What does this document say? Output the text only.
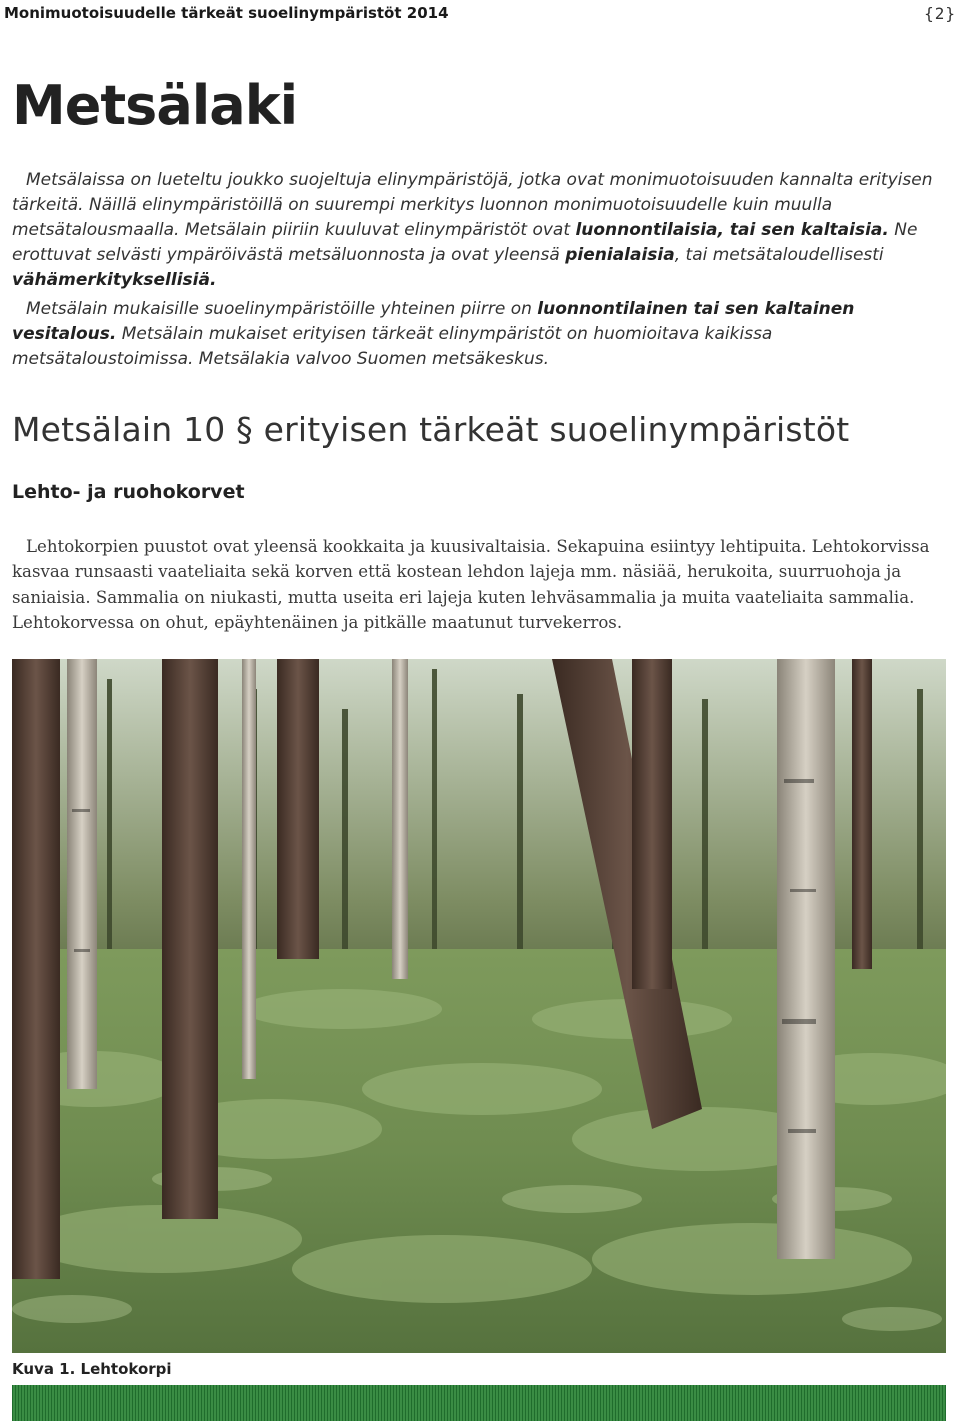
Monimuotoisuudelle tärkeät suoelinympäristöt 2014	{2}
Metsälaki

Metsälaissa on lueteltu joukko suojeltuja elinympäristöjä, jotka ovat monimuotoisuuden kannalta erityisen tärkeitä. Näillä elinympäristöillä on suurempi merkitys luonnon monimuotoisuudelle kuin muulla metsätalousmaalla. Metsälain piiriin kuuluvat elinympäristöt ovat luonnontilaisia, tai sen kaltaisia. Ne erottuvat selvästi ympäröivästä metsäluonnosta ja ovat yleensä pienialaisia, tai metsätaloudellisesti vähämerkityksellisiä.

Metsälain mukaisille suoelinympäristöille yhteinen piirre on luonnontilainen tai sen kaltainen vesitalous. Metsälain mukaiset erityisen tärkeät elinympäristöt on huomioitava kaikissa metsätaloustoimissa. Metsälakia valvoo Suomen metsäkeskus.

Metsälain 10 § erityisen tärkeät suoelinympäristöt
Lehto- ja ruohokorvet

Lehtokorpien puustot ovat yleensä kookkaita ja kuusivaltaisia. Sekapuina esiintyy lehtipuita. Lehtokorvissa kasvaa runsaasti vaateliaita sekä korven että kostean lehdon lajeja mm. näsiää, herukoita, suurruohoja ja saniaisia. Sammalia on niukasti, mutta useita eri lajeja kuten lehväsammalia ja muita vaateliaita sammalia. Lehtokorvessa on ohut, epäyhtenäinen ja pitkälle maatunut turvekerros.

Kuva 1. Lehtokorpi
